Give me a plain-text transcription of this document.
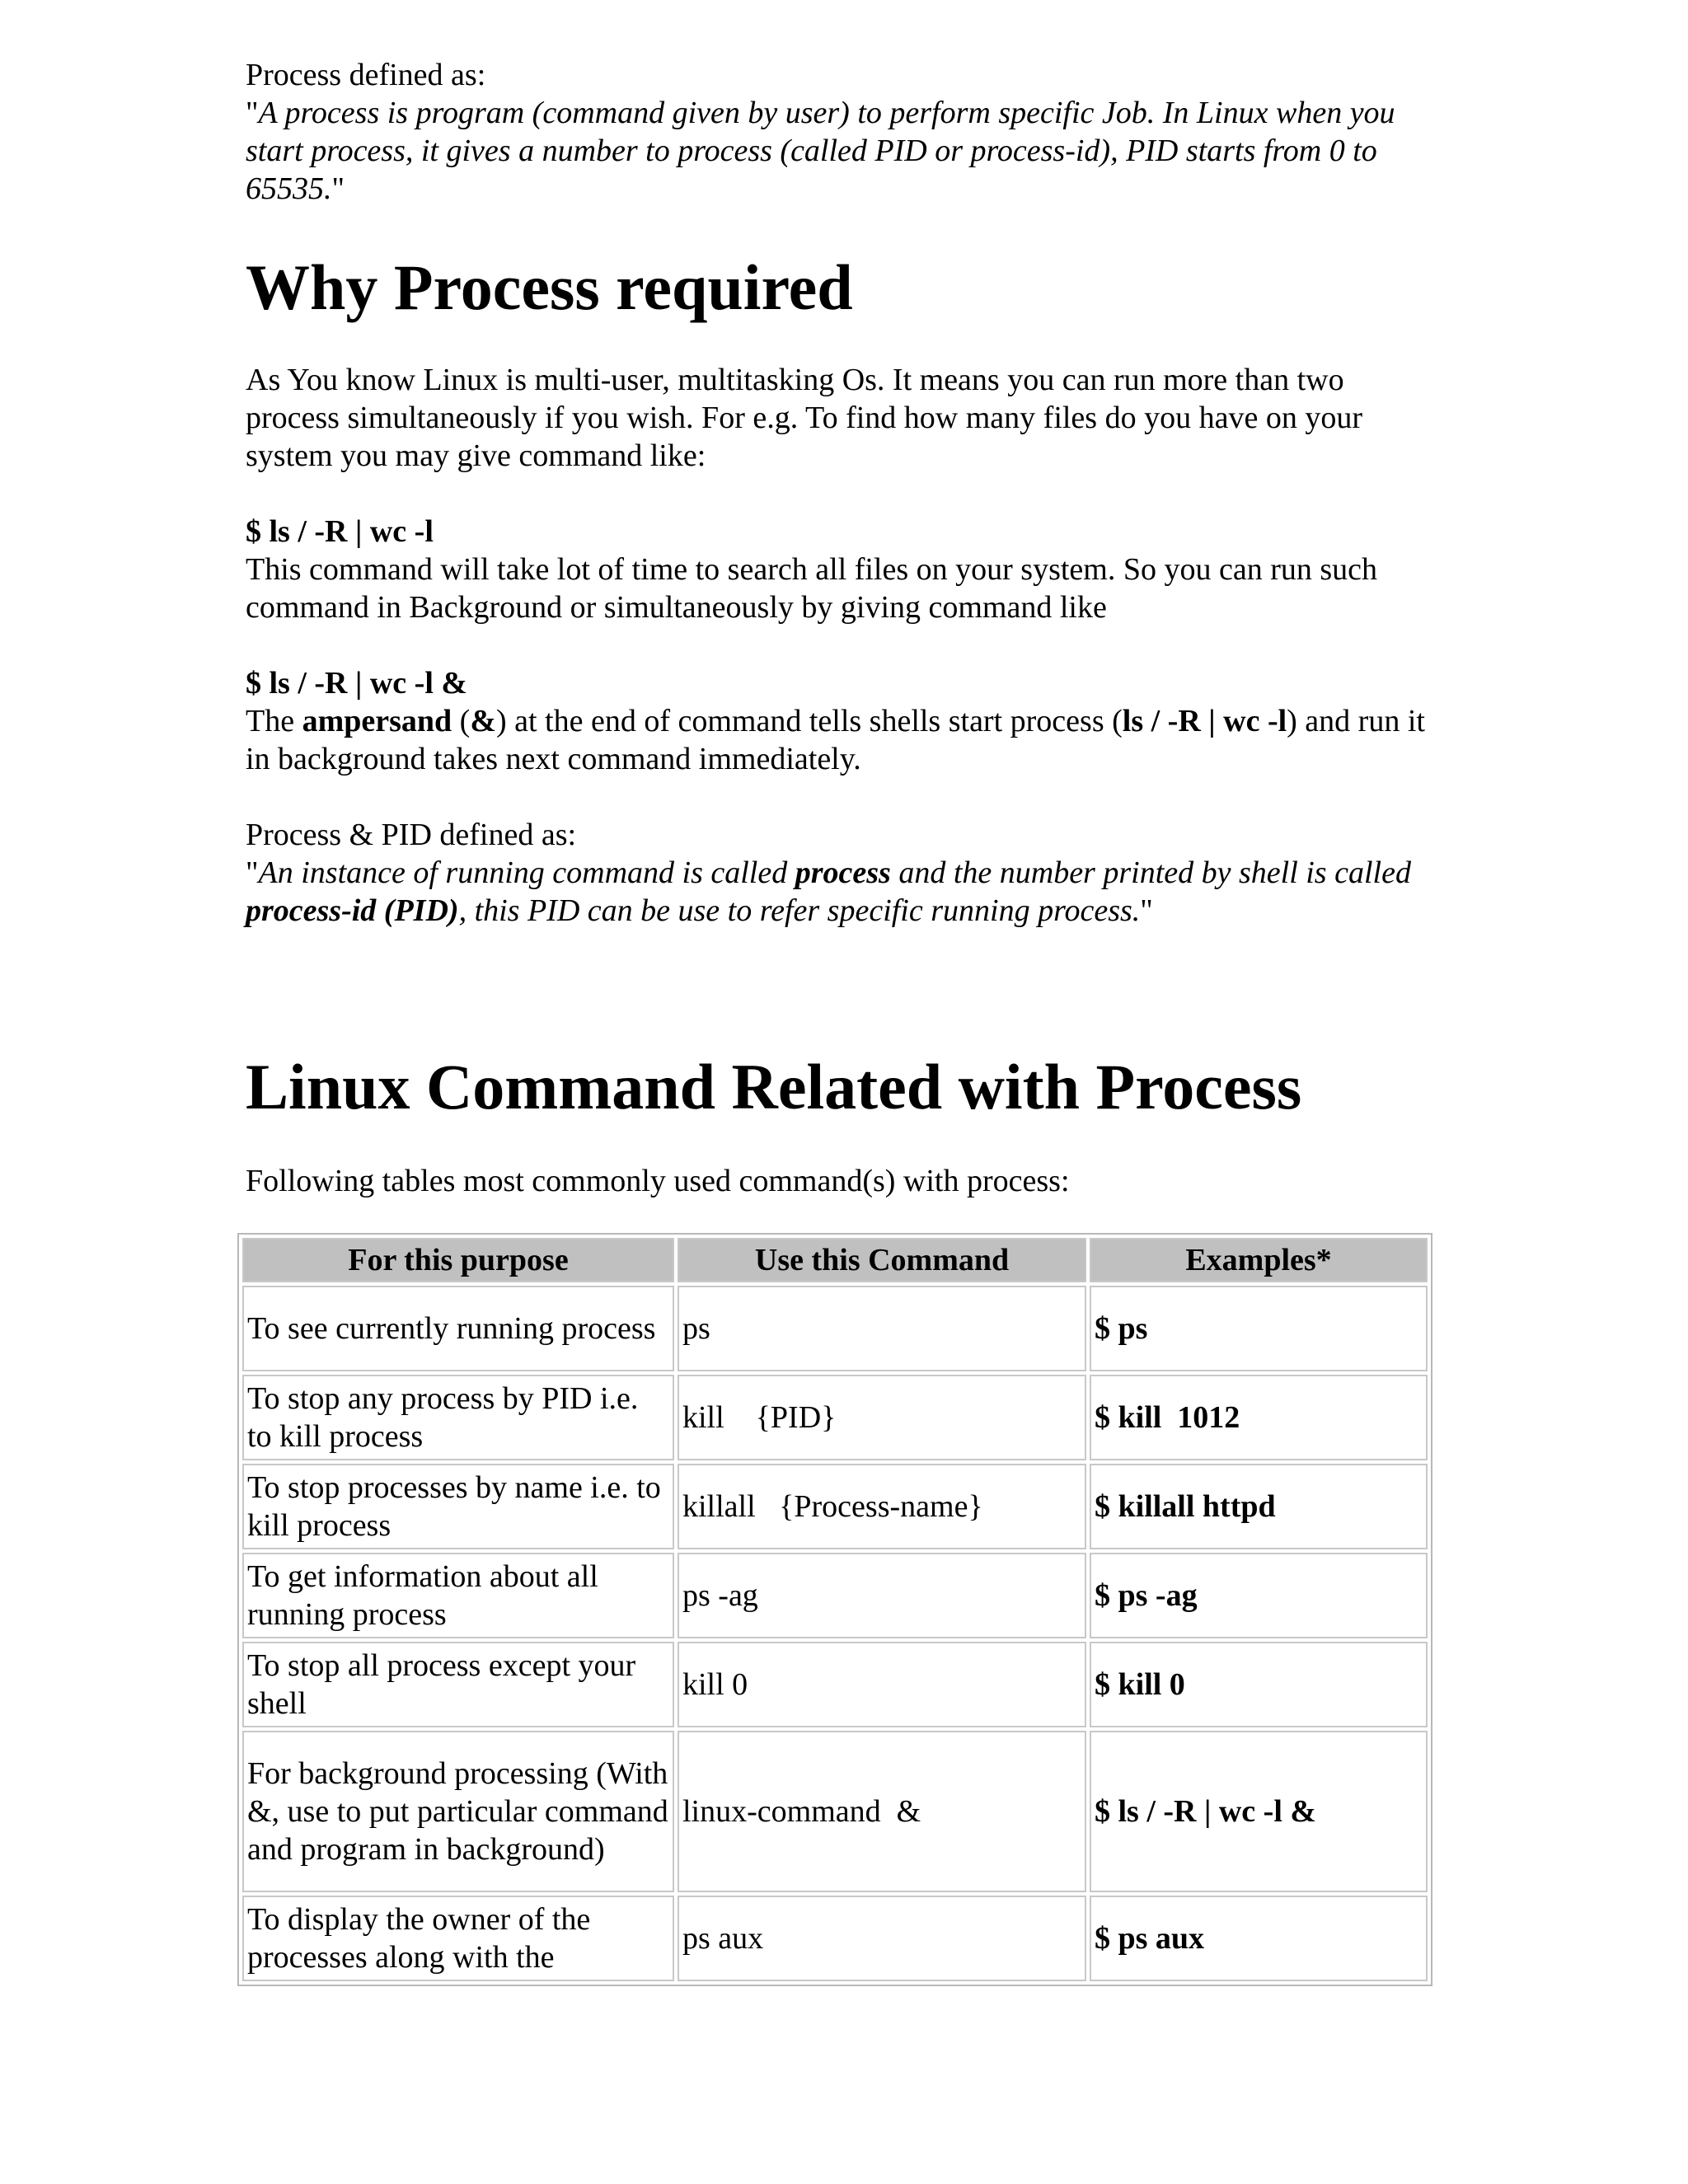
Process defined as:

"A process is program (command given by user) to perform specific Job. In Linux when you start process, it gives a number to process (called PID or process-id), PID starts from 0 to 65535."

Why Process required

As You know Linux is multi-user, multitasking Os. It means you can run more than two process simultaneously if you wish. For e.g. To find how many files do you have on your system you may give command like:

$ ls / -R | wc -l

This command will take lot of time to search all files on your system. So you can run such command in Background or simultaneously by giving command like

$ ls / -R | wc -l &

The ampersand (&) at the end of command tells shells start process (ls / -R | wc -l) and run it in background takes next command immediately.

Process & PID defined as:

"An instance of running command is called process and the number printed by shell is called process-id (PID), this PID can be use to refer specific running process."

Linux Command Related with Process

Following tables most commonly used command(s) with process:

For this purpose	Use this Command	Examples*
To see currently running process	ps	$ ps
To stop any process by PID i.e. to kill process	kill    {PID}	$ kill  1012
To stop processes by name i.e. to kill process	killall   {Process-name}	$ killall httpd
To get information about all running process	ps -ag	$ ps -ag
To stop all process except your shell	kill 0	$ kill 0
For background processing (With &, use to put particular command and program in background)	linux-command  &	$ ls / -R | wc -l &
To display the owner of the processes along with the	ps aux	$ ps aux
